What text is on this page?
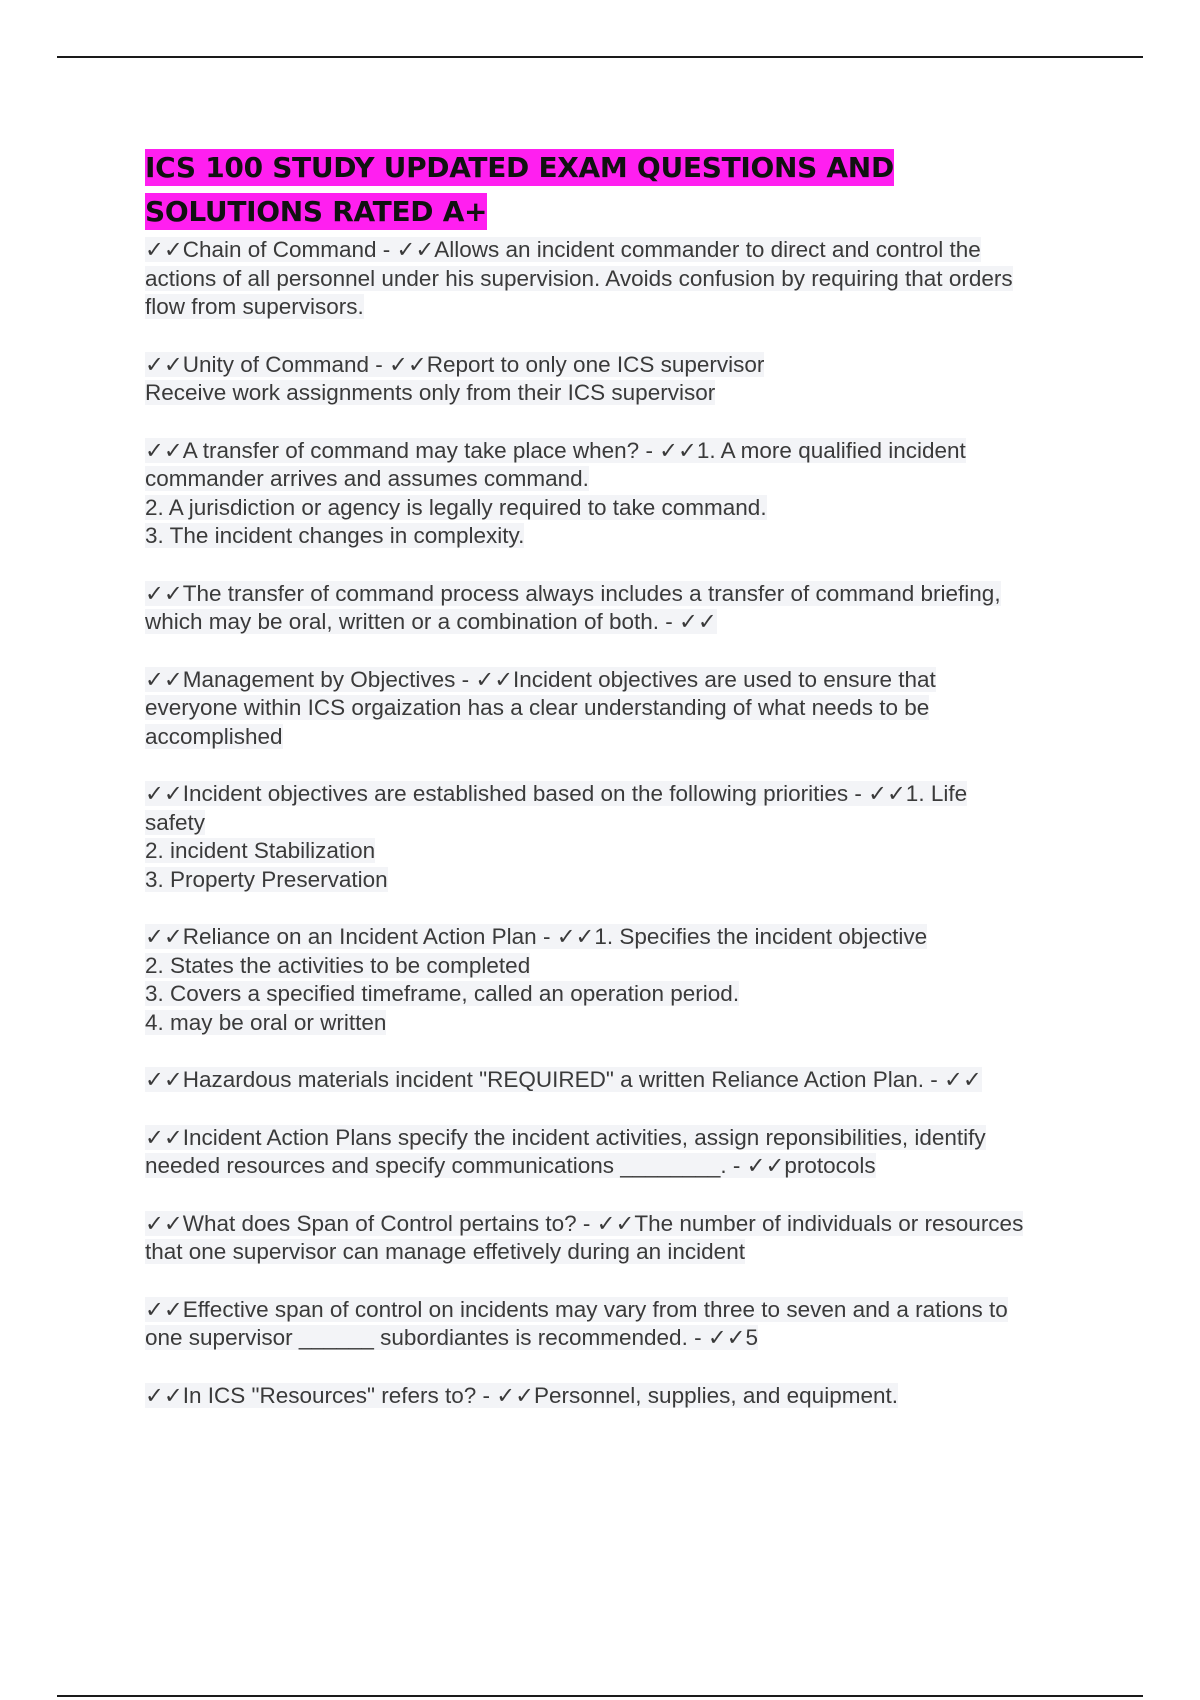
ICS 100 STUDY UPDATED EXAM QUESTIONS AND
SOLUTIONS RATED A+
✓✓Chain of Command - ✓✓Allows an incident commander to direct and control the
actions of all personnel under his supervision. Avoids confusion by requiring that orders
flow from supervisors.
✓✓Unity of Command - ✓✓Report to only one ICS supervisor
Receive work assignments only from their ICS supervisor
✓✓A transfer of command may take place when? - ✓✓1. A more qualified incident
commander arrives and assumes command.
2. A jurisdiction or agency is legally required to take command.
3. The incident changes in complexity.
✓✓The transfer of command process always includes a transfer of command briefing,
which may be oral, written or a combination of both. - ✓✓
✓✓Management by Objectives - ✓✓Incident objectives are used to ensure that
everyone within ICS orgaization has a clear understanding of what needs to be
accomplished
✓✓Incident objectives are established based on the following priorities - ✓✓1. Life
safety
2. incident Stabilization
3. Property Preservation
✓✓Reliance on an Incident Action Plan - ✓✓1. Specifies the incident objective
2. States the activities to be completed
3. Covers a specified timeframe, called an operation period.
4. may be oral or written
✓✓Hazardous materials incident "REQUIRED" a written Reliance Action Plan. - ✓✓
✓✓Incident Action Plans specify the incident activities, assign reponsibilities, identify
needed resources and specify communications ________. - ✓✓protocols
✓✓What does Span of Control pertains to? - ✓✓The number of individuals or resources
that one supervisor can manage effetively during an incident
✓✓Effective span of control on incidents may vary from three to seven and a rations to
one supervisor ______ subordiantes is recommended. - ✓✓5
✓✓In ICS "Resources" refers to? - ✓✓Personnel, supplies, and equipment.
